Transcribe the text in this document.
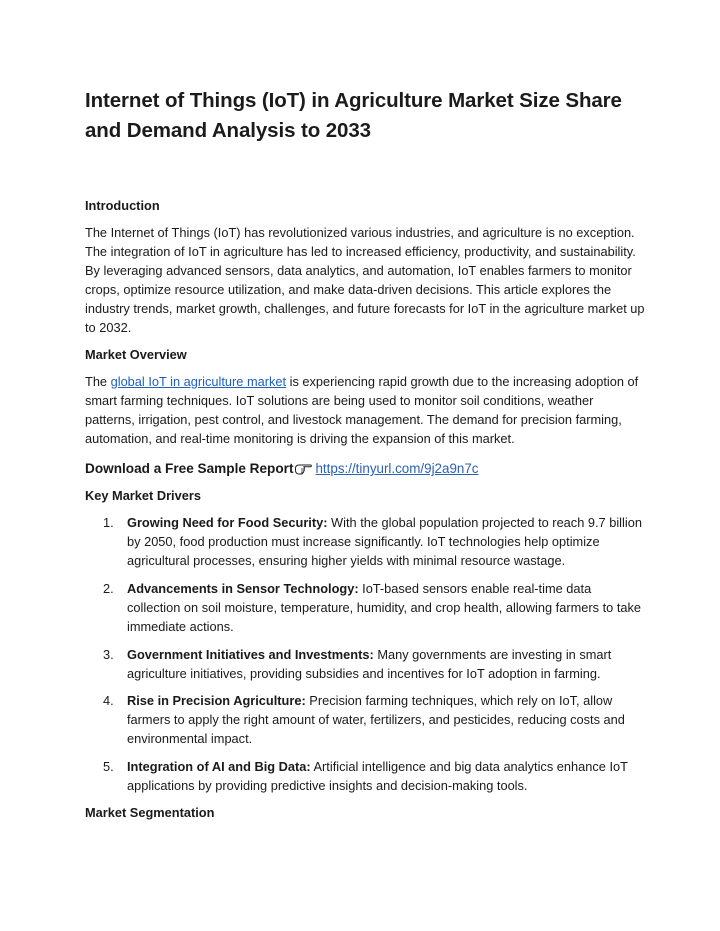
Internet of Things (IoT) in Agriculture Market Size Share and Demand Analysis to 2033
Introduction

The Internet of Things (IoT) has revolutionized various industries, and agriculture is no exception. The integration of IoT in agriculture has led to increased efficiency, productivity, and sustainability. By leveraging advanced sensors, data analytics, and automation, IoT enables farmers to monitor crops, optimize resource utilization, and make data-driven decisions. This article explores the industry trends, market growth, challenges, and future forecasts for IoT in the agriculture market up to 2032.

Market Overview

The global IoT in agriculture market is experiencing rapid growth due to the increasing adoption of smart farming techniques. IoT solutions are being used to monitor soil conditions, weather patterns, irrigation, pest control, and livestock management. The demand for precision farming, automation, and real-time monitoring is driving the expansion of this market.

Download a Free Sample Report https://tinyurl.com/9j2a9n7c
Key Market Drivers
1.	Growing Need for Food Security: With the global population projected to reach 9.7 billion by 2050, food production must increase significantly. IoT technologies help optimize agricultural processes, ensuring higher yields with minimal resource wastage.
2.	Advancements in Sensor Technology: IoT-based sensors enable real-time data collection on soil moisture, temperature, humidity, and crop health, allowing farmers to take immediate actions.
3.	Government Initiatives and Investments: Many governments are investing in smart agriculture initiatives, providing subsidies and incentives for IoT adoption in farming.
4.	Rise in Precision Agriculture: Precision farming techniques, which rely on IoT, allow farmers to apply the right amount of water, fertilizers, and pesticides, reducing costs and environmental impact.
5.	Integration of AI and Big Data: Artificial intelligence and big data analytics enhance IoT applications by providing predictive insights and decision-making tools.
Market Segmentation
